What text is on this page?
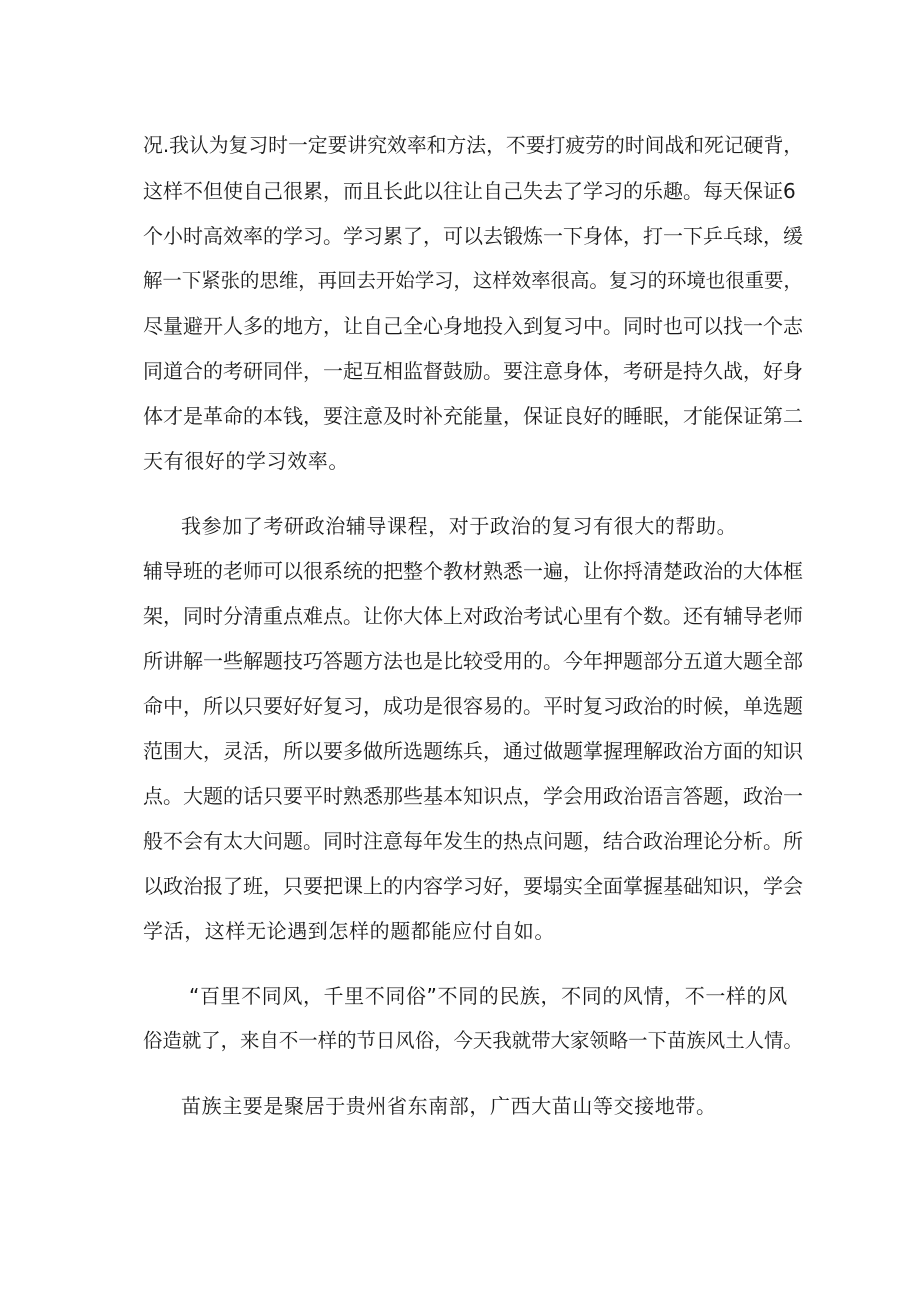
况.我认为复习时一定要讲究效率和方法，不要打疲劳的时间战和死记硬背，
这样不但使自己很累，而且长此以往让自己失去了学习的乐趣。每天保证6
个小时高效率的学习。学习累了，可以去锻炼一下身体，打一下乒乓球，缓
解一下紧张的思维，再回去开始学习，这样效率很高。复习的环境也很重要，
尽量避开人多的地方，让自己全心身地投入到复习中。同时也可以找一个志
同道合的考研同伴，一起互相监督鼓励。要注意身体，考研是持久战，好身
体才是革命的本钱，要注意及时补充能量，保证良好的睡眠，才能保证第二
天有很好的学习效率。
我参加了考研政治辅导课程，对于政治的复习有很大的帮助。
辅导班的老师可以很系统的把整个教材熟悉一遍，让你捋清楚政治的大体框
架，同时分清重点难点。让你大体上对政治考试心里有个数。还有辅导老师
所讲解一些解题技巧答题方法也是比较受用的。今年押题部分五道大题全部
命中，所以只要好好复习，成功是很容易的。平时复习政治的时候，单选题
范围大，灵活，所以要多做所选题练兵，通过做题掌握理解政治方面的知识
点。大题的话只要平时熟悉那些基本知识点，学会用政治语言答题，政治一
般不会有太大问题。同时注意每年发生的热点问题，结合政治理论分析。所
以政治报了班，只要把课上的内容学习好，要塌实全面掌握基础知识，学会
学活，这样无论遇到怎样的题都能应付自如。
“百里不同风，千里不同俗”不同的民族，不同的风情，不一样的风
俗造就了，来自不一样的节日风俗，今天我就带大家领略一下苗族风土人情。
苗族主要是聚居于贵州省东南部，广西大苗山等交接地带。
